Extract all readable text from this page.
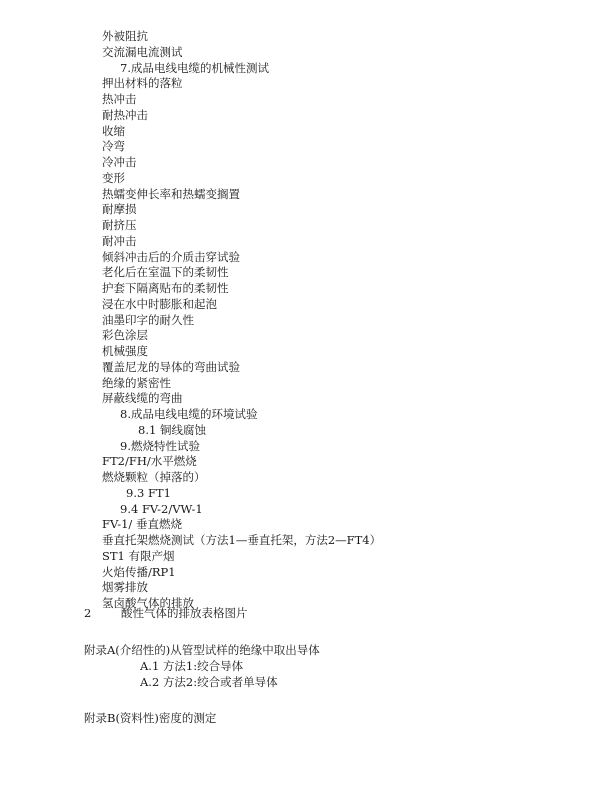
外被阻抗
交流漏电流测试
7.成品电线电缆的机械性测试
押出材料的落粒
热冲击
耐热冲击
收缩
冷弯
冷冲击
变形
热蠕变伸长率和热蠕变搁置
耐摩损
耐挤压
耐冲击
倾斜冲击后的介质击穿试验
老化后在室温下的柔韧性
护套下隔离贴布的柔韧性
浸在水中时膨胀和起泡
油墨印字的耐久性
彩色涂层
机械强度
覆盖尼龙的导体的弯曲试验
绝缘的紧密性
屏蔽线缆的弯曲
8.成品电线电缆的环境试验
8.1 铜线腐蚀
9.燃烧特性试验
FT2/FH/水平燃烧
燃烧颗粒（掉落的）
9.3 FT1
9.4 FV-2/VW-1
FV-1/ 垂直燃烧
垂直托架燃烧测试（方法1—垂直托架，方法2—FT4）
ST1 有限产烟
火焰传播/RP1
烟雾排放
氢卤酸气体的排放
2	酸性气体的排放表格图片
附录A(介绍性的)从管型试样的绝缘中取出导体
A.1 方法1:绞合导体
A.2 方法2:绞合或者单导体
附录B(资料性)密度的测定
